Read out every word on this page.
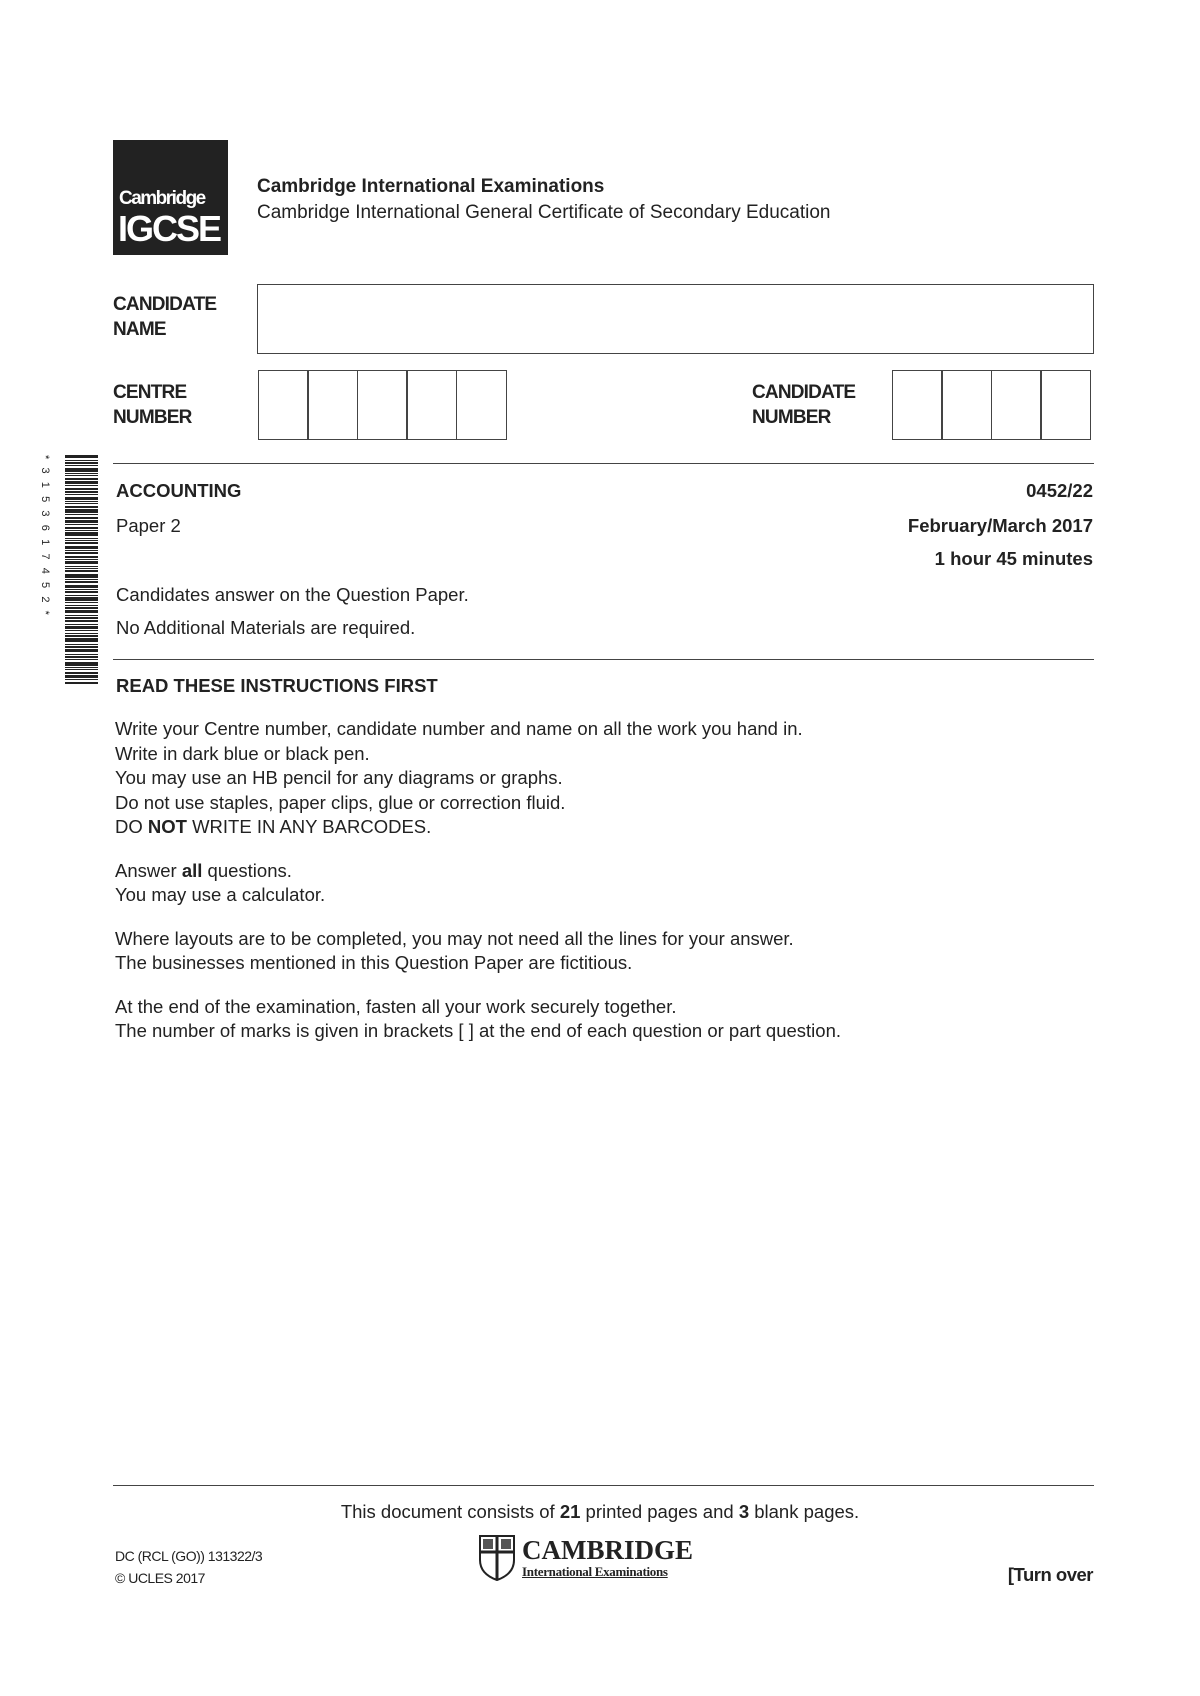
Cambridge
IGCSE
Cambridge International Examinations
Cambridge International General Certificate of Secondary Education
CANDIDATE
NAME
CENTRE
NUMBER
CANDIDATE
NUMBER
*3153617452*	ACCOUNTING	0452/22
Paper 2	February/March 2017
1 hour 45 minutes
Candidates answer on the Question Paper.
No Additional Materials are required.
READ THESE INSTRUCTIONS FIRST

Write your Centre number, candidate number and name on all the work you hand in.
Write in dark blue or black pen.
You may use an HB pencil for any diagrams or graphs.
Do not use staples, paper clips, glue or correction fluid.
DO NOT WRITE IN ANY BARCODES.

Answer all questions.
You may use a calculator.

Where layouts are to be completed, you may not need all the lines for your answer.
The businesses mentioned in this Question Paper are fictitious.

At the end of the examination, fasten all your work securely together.
The number of marks is given in brackets [ ] at the end of each question or part question.

This document consists of 21 printed pages and 3 blank pages.
DC (RCL (GO)) 131322/3
© UCLES 2017
CAMBRIDGE
International Examinations	[Turn over
